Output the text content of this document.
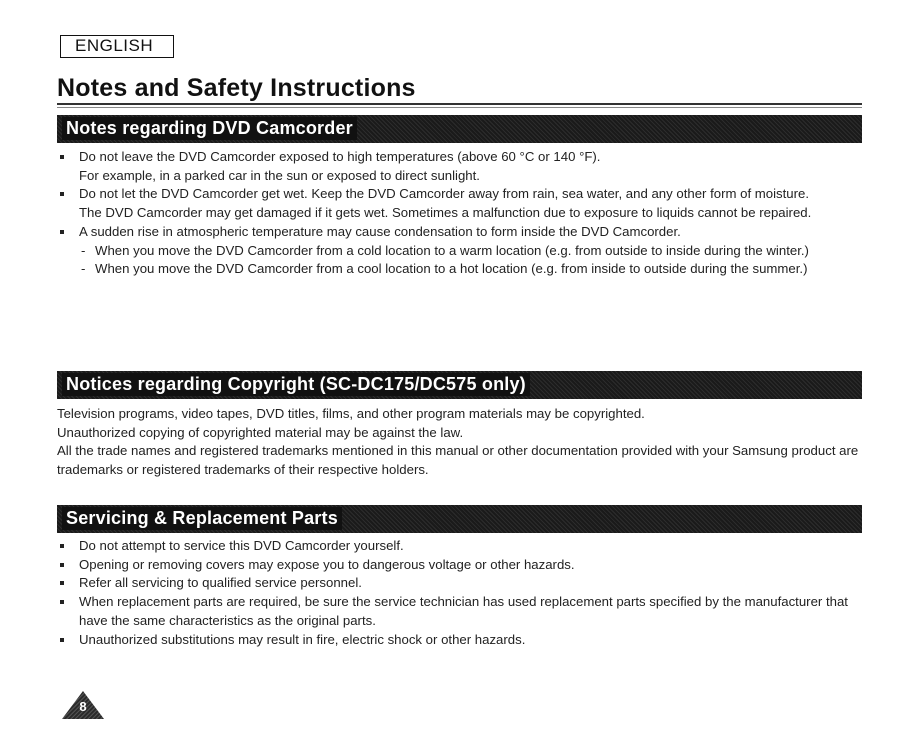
ENGLISH
Notes and Safety Instructions
Notes regarding DVD Camcorder

Do not leave the DVD Camcorder exposed to high temperatures (above 60 °C or 140 °F).

For example, in a parked car in the sun or exposed to direct sunlight.

Do not let the DVD Camcorder get wet. Keep the DVD Camcorder away from rain, sea water, and any other form of moisture.

The DVD Camcorder may get damaged if it gets wet. Sometimes a malfunction due to exposure to liquids cannot be repaired.

A sudden rise in atmospheric temperature may cause condensation to form inside the DVD Camcorder.

- When you move the DVD Camcorder from a cold location to a warm location (e.g. from outside to inside during the winter.)
- When you move the DVD Camcorder from a cool location to a hot location (e.g. from inside to outside during the summer.)
Notices regarding Copyright (SC-DC175/DC575 only)

Television programs, video tapes, DVD titles, films, and other program materials may be copyrighted.

Unauthorized copying of copyrighted material may be against the law.

All the trade names and registered trademarks mentioned in this manual or other documentation provided with your Samsung product are trademarks or registered trademarks of their respective holders.

Servicing & Replacement Parts
Do not attempt to service this DVD Camcorder yourself.
Opening or removing covers may expose you to dangerous voltage or other hazards.
Refer all servicing to qualified service personnel.
When replacement parts are required, be sure the service technician has used replacement parts specified by the manufacturer that have the same characteristics as the original parts.
Unauthorized substitutions may result in fire, electric shock or other hazards.
8
